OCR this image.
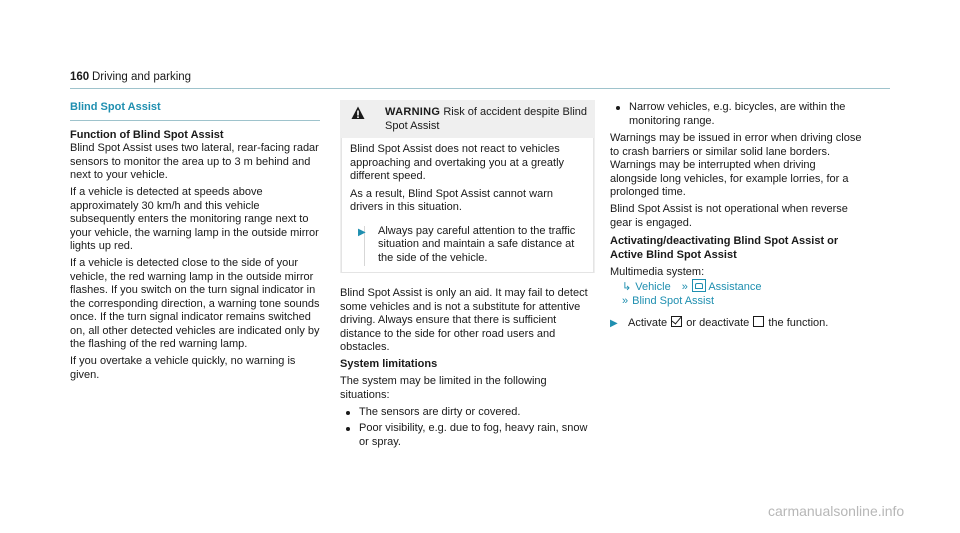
160 Driving and parking

Blind Spot Assist

Function of Blind Spot Assist

Blind Spot Assist uses two lateral, rear-facing radar sensors to monitor the area up to 3 m behind and next to your vehicle.

If a vehicle is detected at speeds above approximately 30 km/h and this vehicle subsequently enters the monitoring range next to your vehicle, the warning lamp in the outside mirror lights up red.

If a vehicle is detected close to the side of your vehicle, the red warning lamp in the outside mirror flashes. If you switch on the turn signal indicator in the corresponding direction, a warning tone sounds once. If the turn signal indicator remains switched on, all other detected vehicles are indicated only by the flashing of the red warning lamp.

If you overtake a vehicle quickly, no warning is given.

WARNING Risk of accident despite Blind Spot Assist

Blind Spot Assist does not react to vehicles approaching and overtaking you at a greatly different speed.

As a result, Blind Spot Assist cannot warn drivers in this situation.

▶ Always pay careful attention to the traffic situation and maintain a safe distance at the side of the vehicle.

Blind Spot Assist is only an aid. It may fail to detect some vehicles and is not a substitute for attentive driving. Always ensure that there is sufficient distance to the side for other road users and obstacles.

System limitations

The system may be limited in the following situations:

The sensors are dirty or covered.
Poor visibility, e.g. due to fog, heavy rain, snow or spray.
Narrow vehicles, e.g. bicycles, are within the monitoring range.

Warnings may be issued in error when driving close to crash barriers or similar solid lane borders. Warnings may be interrupted when driving alongside long vehicles, for example lorries, for a prolonged time.

Blind Spot Assist is not operational when reverse gear is engaged.

Activating/deactivating Blind Spot Assist or Active Blind Spot Assist

Multimedia system:

↳ Vehicle » Assistance
» Blind Spot Assist
▶ Activate or deactivate the function.
carmanualsonline.info
